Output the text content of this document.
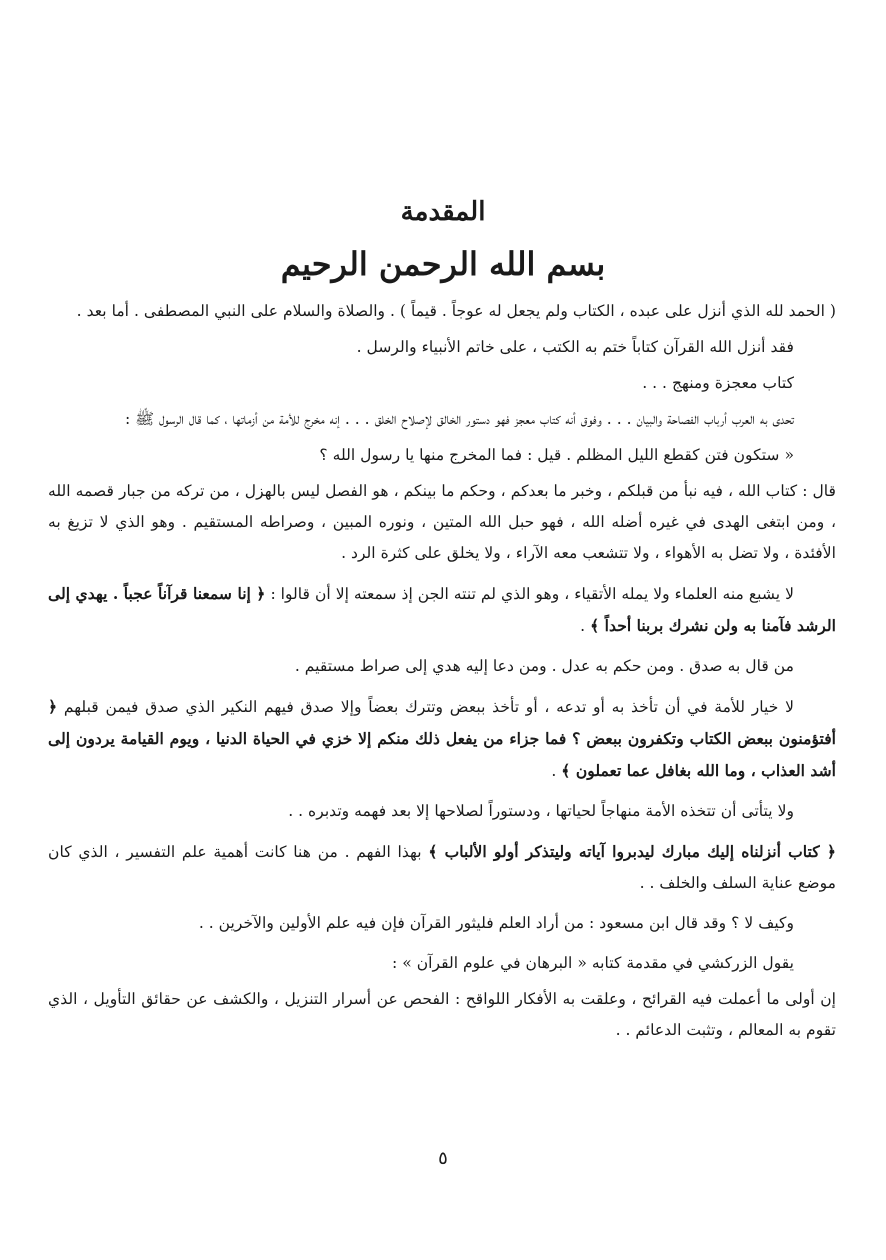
المقدمة
بسم الله الرحمن الرحيم

( الحمد لله الذي أنزل على عبده ، الكتاب ولم يجعل له عوجاً . قيماً ) . والصلاة والسلام على النبي المصطفى . أما بعد .

فقد أنزل الله القرآن كتاباً ختم به الكتب ، على خاتم الأنبياء والرسل .

كتاب معجزة ومنهج . . .

تحدى به العرب أرباب الفصاحة والبيان . . . وفوق أنه كتاب معجز فهو دستور الخالق لإصلاح الخلق . . . إنه مخرج للأمة من أزماتها ، كما قال الرسول ﷺ :

« ستكون فتن كقطع الليل المظلم . قيل : فما المخرج منها يا رسول الله ؟

قال : كتاب الله ، فيه نبأ من قبلكم ، وخبر ما بعدكم ، وحكم ما بينكم ، هو الفصل ليس بالهزل ، من تركه من جبار قصمه الله ، ومن ابتغى الهدى في غيره أضله الله ، فهو حبل الله المتين ، ونوره المبين ، وصراطه المستقيم . وهو الذي لا تزيغ به الأفئدة ، ولا تضل به الأهواء ، ولا تتشعب معه الآراء ، ولا يخلق على كثرة الرد .

لا يشبع منه العلماء ولا يمله الأتقياء ، وهو الذي لم تنته الجن إذ سمعته إلا أن قالوا : ﴿ إنا سمعنا قرآناً عجباً . يهدي إلى الرشد فآمنا به ولن نشرك بربنا أحداً ﴾ .

من قال به صدق . ومن حكم به عدل . ومن دعا إليه هدي إلى صراط مستقيم .

لا خيار للأمة في أن تأخذ به أو تدعه ، أو تأخذ ببعض وتترك بعضاً وإلا صدق فيهم النكير الذي صدق فيمن قبلهم ﴿ أفتؤمنون ببعض الكتاب وتكفرون ببعض ؟ فما جزاء من يفعل ذلك منكم إلا خزي في الحياة الدنيا ، ويوم القيامة يردون إلى أشد العذاب ، وما الله بغافل عما تعملون ﴾ .

ولا يتأتى أن تتخذه الأمة منهاجاً لحياتها ، ودستوراً لصلاحها إلا بعد فهمه وتدبره . .

﴿ كتاب أنزلناه إليك مبارك ليدبروا آياته وليتذكر أولو الألباب ﴾ بهذا الفهم . من هنا كانت أهمية علم التفسير ، الذي كان موضع عناية السلف والخلف . .

وكيف لا ؟ وقد قال ابن مسعود : من أراد العلم فليثور القرآن فإن فيه علم الأولين والآخرين . .

يقول الزركشي في مقدمة كتابه « البرهان في علوم القرآن » :

إن أولى ما أعملت فيه القرائح ، وعلقت به الأفكار اللواقح : الفحص عن أسرار التنزيل ، والكشف عن حقائق التأويل ، الذي تقوم به المعالم ، وتثبت الدعائم . .

٥
